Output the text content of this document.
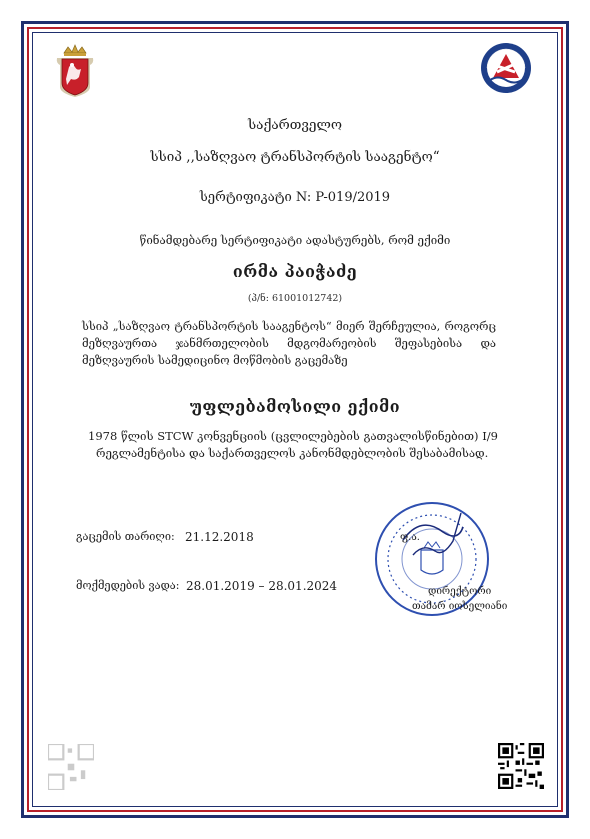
საქართველო
სსიპ ,,საზღვაო ტრანსპორტის სააგენტო“
სერტიფიკატი N: P-019/2019
წინამდებარე სერტიფიკატი ადასტურებს, რომ ექიმი
ირმა პაიჭაძე
(პ/ნ: 61001012742)
სსიპ „საზღვაო ტრანსპორტის სააგენტოს“ მიერ შერჩეულია, როგორც
მეზღვაურთა ჯანმრთელობის მდგომარეობის შეფასებისა და
მეზღვაურის სამედიცინო მოწმობის გაცემაზე
უფლებამოსილი ექიმი
1978 წლის STCW კონვენციის (ცვლილებების გათვალისწინებით) I/9
რეგლამენტისა და საქართველოს კანონმდებლობის შესაბამისად.
გაცემის თარიღი: 21.12.2018
მოქმედების ვადა: 28.01.2019 – 28.01.2024
ფ.ა.
დირექტორი
თამარ იოსელიანი
